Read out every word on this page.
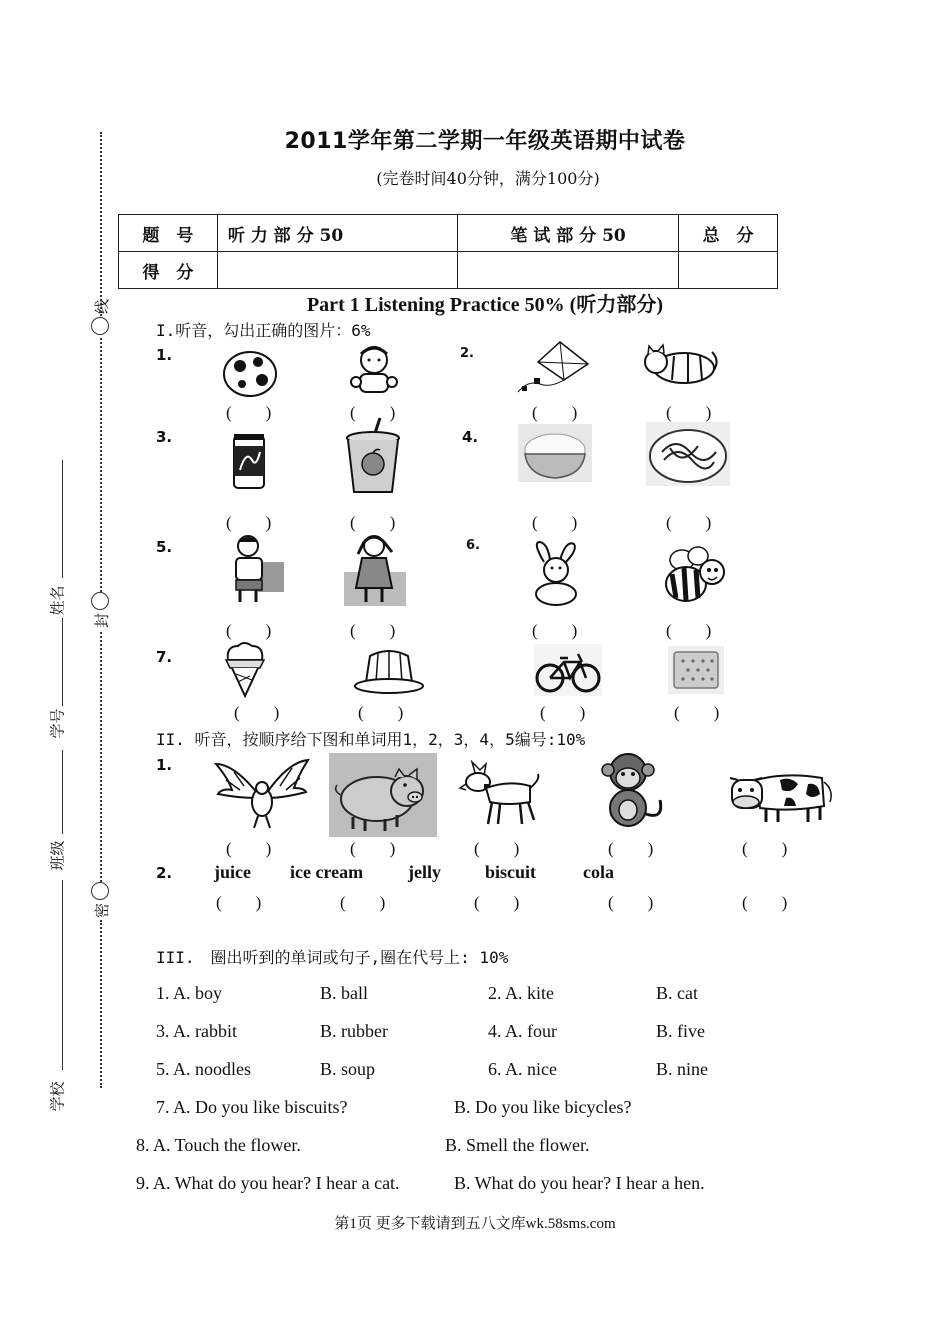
线
封
密
姓名
学号
班级
学校
2011学年第二学期一年级英语期中试卷
(完卷时间40分钟，满分100分)
题　号	听 力 部 分 50	笔 试 部 分 50	总　分
得　分			
Part 1 Listening Practice 50% (听力部分)
I.听音，勾出正确的图片：6%
1.	2.
3.	4.
5.	6.
7.
(　　)	(　　)	(　　)	(　　)
(　　)	(　　)	(　　)	(　　)
(　　)	(　　)	(　　)	(　　)
(　　)	(　　)	(　　)	(　　)
II. 听音，按顺序给下图和单词用1，2，3，4，5编号:10%
1.
(　　)	(　　)	(　　)	(　　)	(　　)
2. juice ice cream jelly biscuit	cola
(　　)	(　　)	(　　)	(　　)	(　　)
III.　圈出听到的单词或句子,圈在代号上: 10%
1. A. boy	B. ball	2. A. kite	B. cat
3. A. rabbit	B. rubber	4. A. four	B. five
5. A. noodles	B. soup	6. A. nice	B. nine
7. A. Do you like biscuits?	B. Do you like bicycles?
8. A. Touch the flower.	B. Smell the flower.
9. A. What do you hear? I hear a cat.	B. What do you hear? I hear a hen.
第1页 更多下载请到五八文库wk.58sms.com
